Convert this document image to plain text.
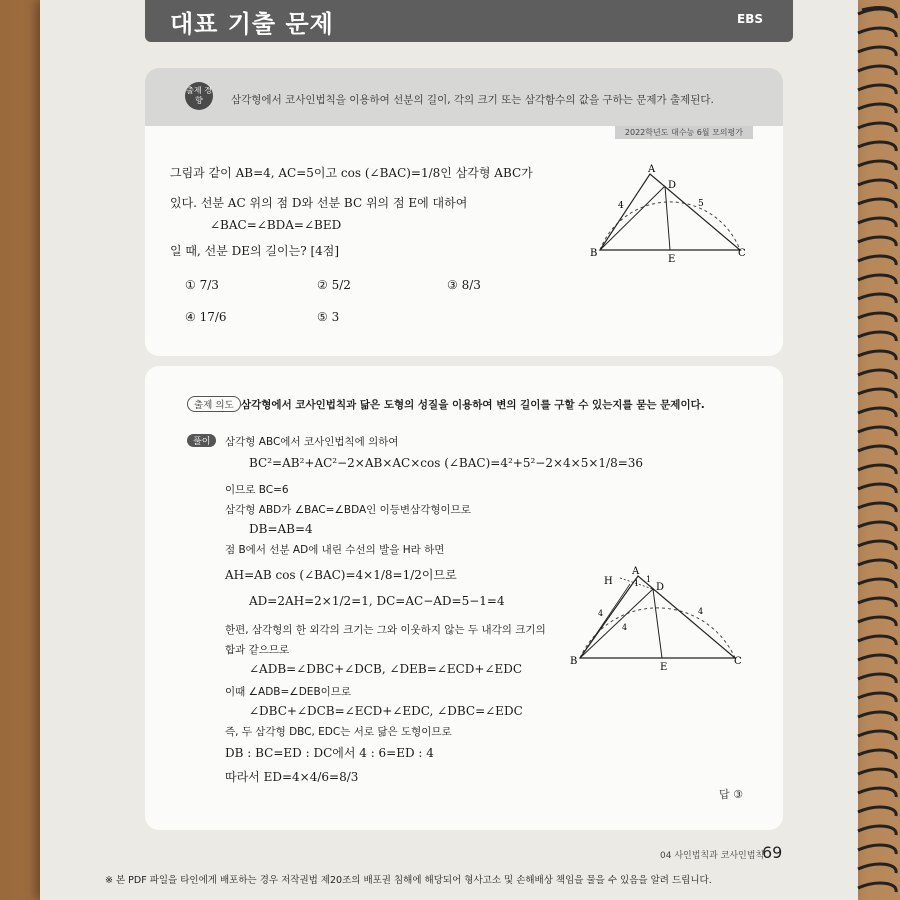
대표 기출 문제	EBS
출제 경향	삼각형에서 코사인법칙을 이용하여 선분의 길이, 각의 크기 또는 삼각함수의 값을 구하는 문제가 출제된다.
2022학년도 대수능 6월 모의평가
그림과 같이 AB=4, AC=5이고 cos (∠BAC)=1/8인 삼각형 ABC가
있다. 선분 AC 위의 점 D와 선분 BC 위의 점 E에 대하여
∠BAC=∠BDA=∠BED
일 때, 선분 DE의 길이는? [4점]
① 7/3	② 5/2	③ 8/3
④ 17/6	⑤ 3
A
D
B
E
C
4	5
출제 의도 삼각형에서 코사인법칙과 닮은 도형의 성질을 이용하여 변의 길이를 구할 수 있는지를 묻는 문제이다.
풀이	삼각형 ABC에서 코사인법칙에 의하여
BC²=AB²+AC²−2×AB×AC×cos (∠BAC)=4²+5²−2×4×5×1/8=36
이므로 BC=6
삼각형 ABD가 ∠BAC=∠BDA인 이등변삼각형이므로
DB=AB=4
점 B에서 선분 AD에 내린 수선의 발을 H라 하면
AH=AB cos (∠BAC)=4×1/8=1/2이므로
AD=2AH=2×1/2=1, DC=AC−AD=5−1=4
한편, 삼각형의 한 외각의 크기는 그와 이웃하지 않는 두 내각의 크기의
합과 같으므로
∠ADB=∠DBC+∠DCB, ∠DEB=∠ECD+∠EDC
이때 ∠ADB=∠DEB이므로
∠DBC+∠DCB=∠ECD+∠EDC, ∠DBC=∠EDC
즉, 두 삼각형 DBC, EDC는 서로 닮은 도형이므로
DB : BC=ED : DC에서 4 : 6=ED : 4
따라서 ED=4×4/6=8/3
답 ③
H
A
1 1
D
B
E
C
4
4
4
04 사인법칙과 코사인법칙
69
※ 본 PDF 파일을 타인에게 배포하는 경우 저작권법 제20조의 배포권 침해에 해당되어 형사고소 및 손해배상 책임을 물을 수 있음을 알려 드립니다.
